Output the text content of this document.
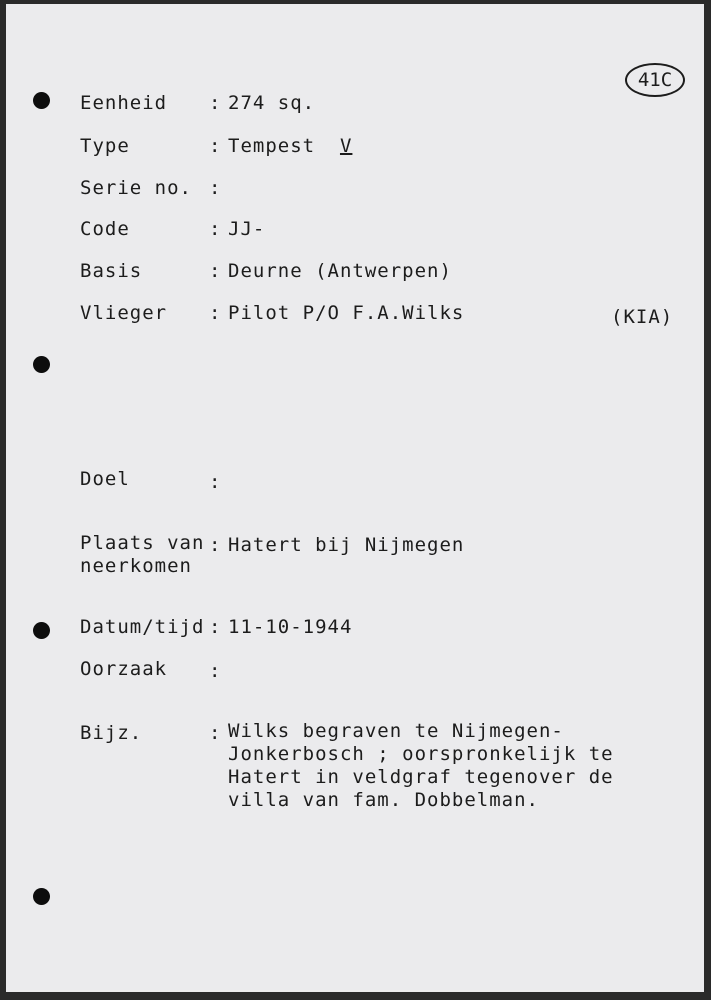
41C
Eenheid : 274 sq.
Type	: Tempest V
Serie no. :
Code	: JJ-
Basis	: Deurne (Antwerpen)
Vlieger : Pilot P/O F.A.Wilks	(KIA)
Doel	:
Plaats van
neerkomen
: Hatert bij Nijmegen
Datum/tijd : 11-10-1944
Oorzaak :
Bijz.	: Wilks begraven te Nijmegen-
Jonkerbosch ; oorspronkelijk te
Hatert in veldgraf tegenover de
villa van fam. Dobbelman.
